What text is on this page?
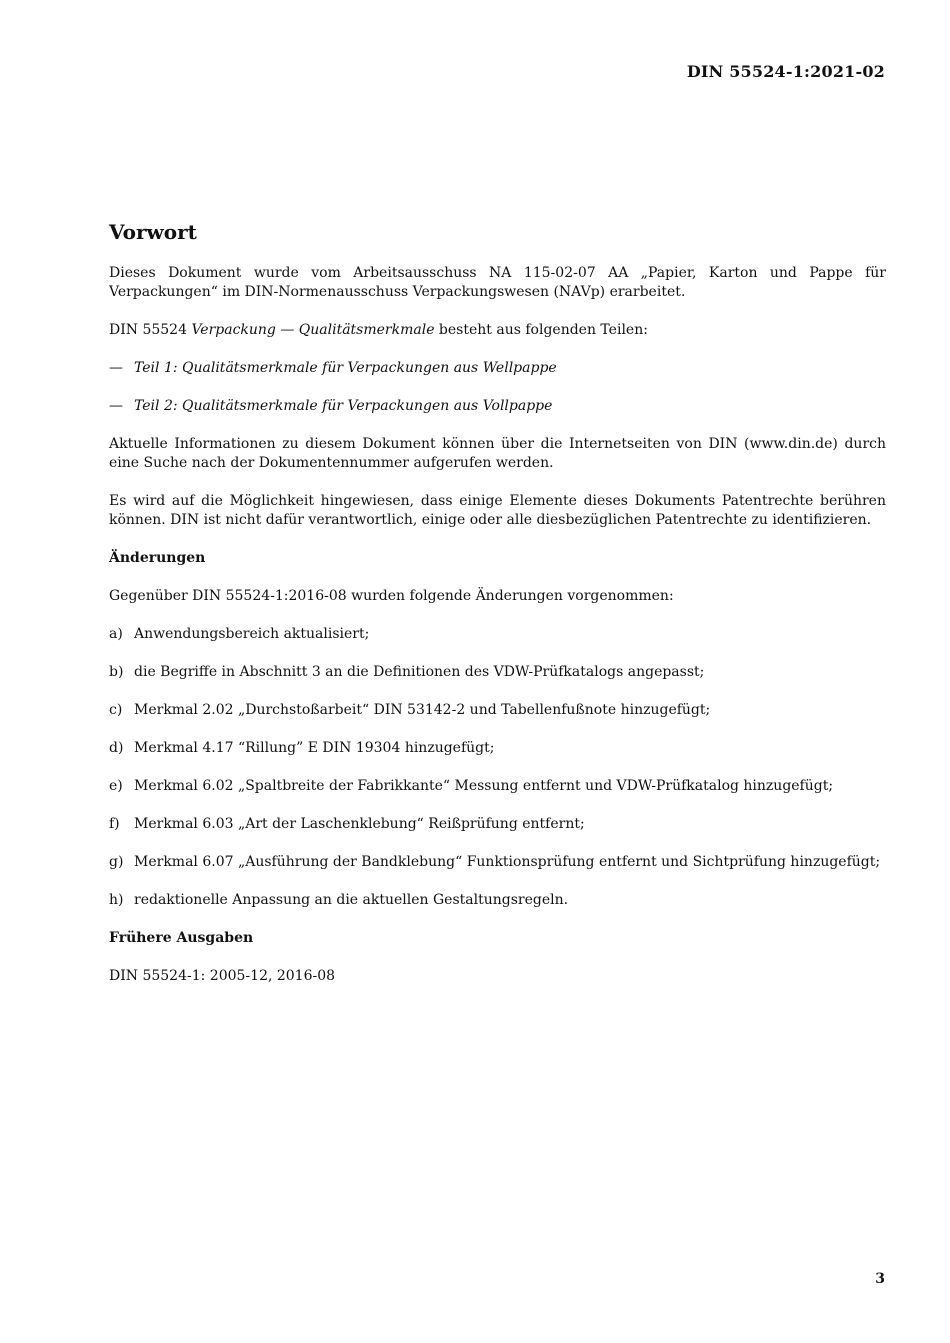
DIN 55524-1:2021-02
Vorwort

Dieses Dokument wurde vom Arbeitsausschuss NA 115-02-07 AA „Papier, Karton und Pappe für Verpackungen“ im DIN-Normenausschuss Verpackungswesen (NAVp) erarbeitet.

DIN 55524 Verpackung — Qualitätsmerkmale besteht aus folgenden Teilen:

— Teil 1: Qualitätsmerkmale für Verpackungen aus Wellpappe
— Teil 2: Qualitätsmerkmale für Verpackungen aus Vollpappe

Aktuelle Informationen zu diesem Dokument können über die Internetseiten von DIN (www.din.de) durch eine Suche nach der Dokumentennummer aufgerufen werden.

Es wird auf die Möglichkeit hingewiesen, dass einige Elemente dieses Dokuments Patentrechte berühren können. DIN ist nicht dafür verantwortlich, einige oder alle diesbezüglichen Patentrechte zu identifizieren.

Änderungen

Gegenüber DIN 55524-1:2016-08 wurden folgende Änderungen vorgenommen:

a) Anwendungsbereich aktualisiert;
b) die Begriffe in Abschnitt 3 an die Definitionen des VDW-Prüfkatalogs angepasst;
c) Merkmal 2.02 „Durchstoßarbeit“ DIN 53142-2 und Tabellenfußnote hinzugefügt;
d) Merkmal 4.17 “Rillung” E DIN 19304 hinzugefügt;
e) Merkmal 6.02 „Spaltbreite der Fabrikkante“ Messung entfernt und VDW-Prüfkatalog hinzugefügt;
f)	Merkmal 6.03 „Art der Laschenklebung“ Reißprüfung entfernt;
g) Merkmal 6.07 „Ausführung der Bandklebung“ Funktionsprüfung entfernt und Sichtprüfung hinzugefügt;
h) redaktionelle Anpassung an die aktuellen Gestaltungsregeln.
Frühere Ausgaben

DIN 55524-1: 2005-12, 2016-08

3
